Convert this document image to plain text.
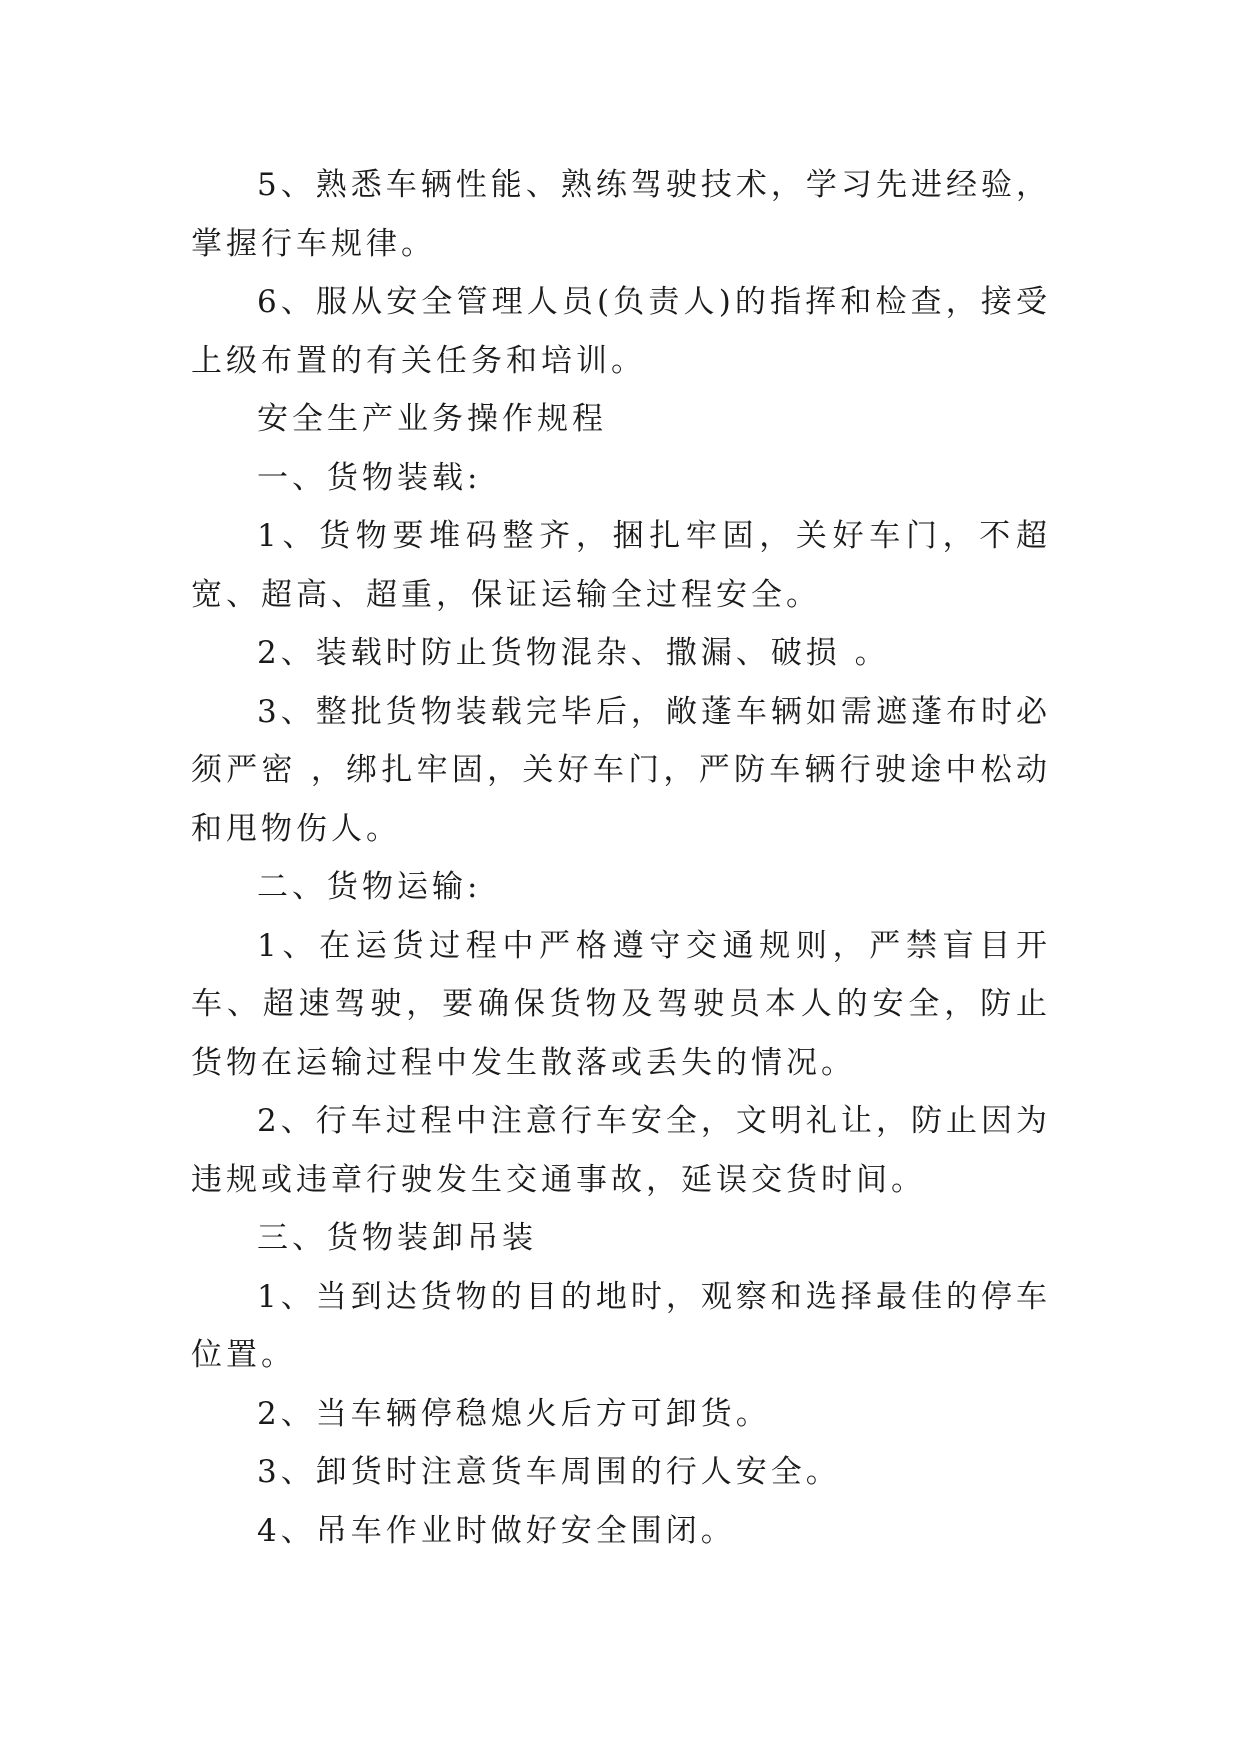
5、熟悉车辆性能、熟练驾驶技术，学习先进经验，掌握行车规律。

6、服从安全管理人员(负责人)的指挥和检查，接受上级布置的有关任务和培训。

安全生产业务操作规程

一、货物装载:

1、货物要堆码整齐，捆扎牢固，关好车门，不超宽、超高、超重，保证运输全过程安全。

2、装载时防止货物混杂、撒漏、破损 。

3、整批货物装载完毕后，敞蓬车辆如需遮蓬布时必须严密 ，绑扎牢固，关好车门，严防车辆行驶途中松动和甩物伤人。

二、货物运输:

1、在运货过程中严格遵守交通规则，严禁盲目开车、超速驾驶，要确保货物及驾驶员本人的安全，防止货物在运输过程中发生散落或丢失的情况。

2、行车过程中注意行车安全，文明礼让，防止因为违规或违章行驶发生交通事故，延误交货时间。

三、货物装卸吊装

1、当到达货物的目的地时，观察和选择最佳的停车位置。

2、当车辆停稳熄火后方可卸货。

3、卸货时注意货车周围的行人安全。

4、吊车作业时做好安全围闭。
